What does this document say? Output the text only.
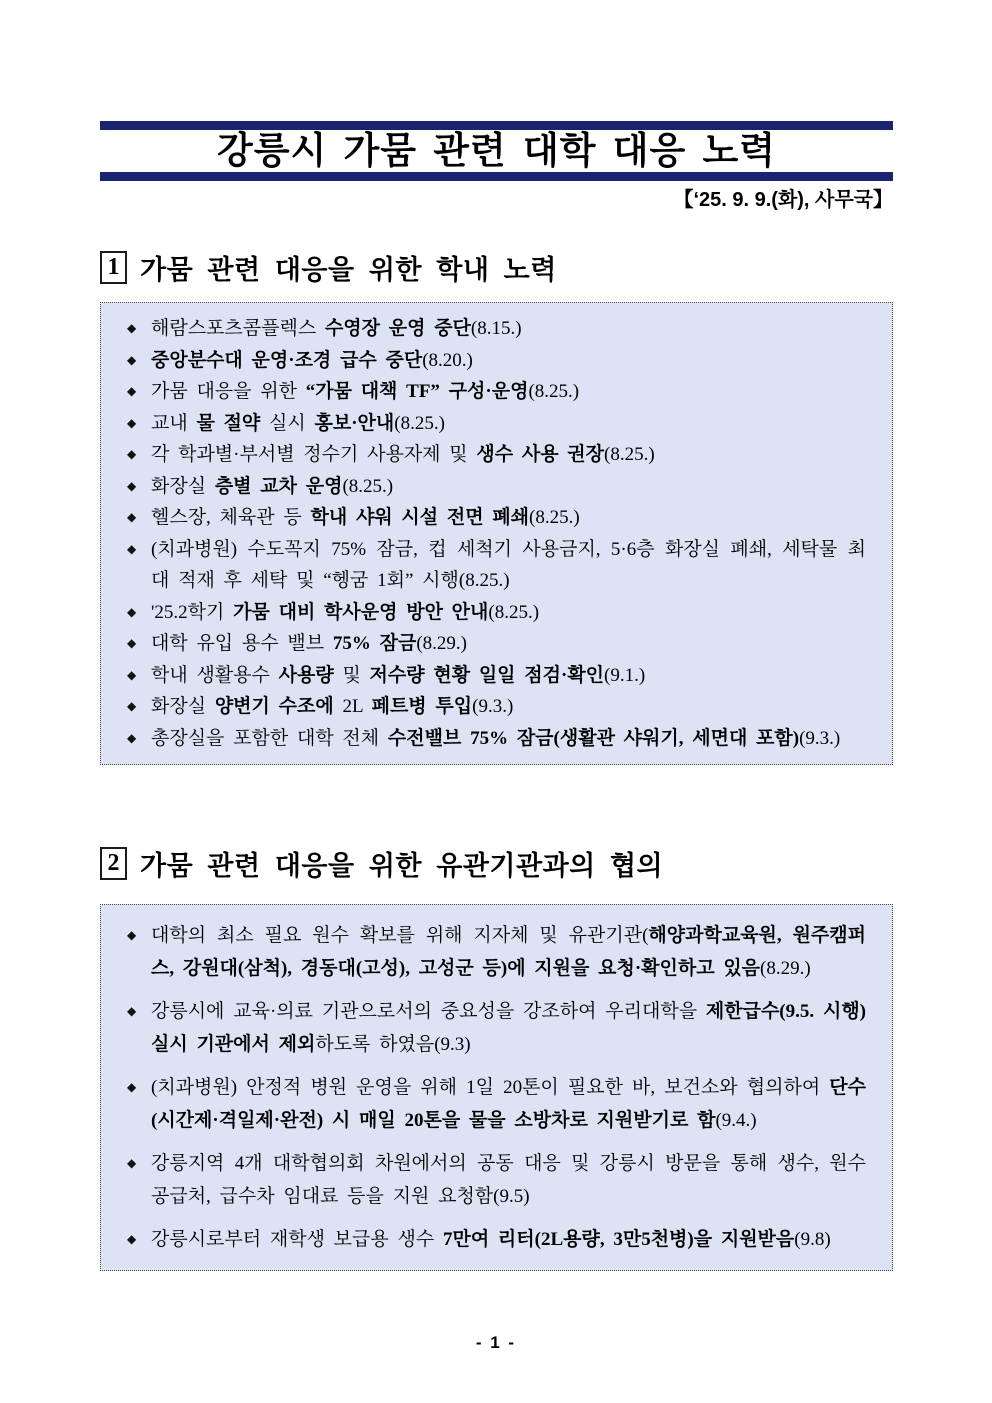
강릉시 가뭄 관련 대학 대응 노력
【‘25. 9. 9.(화), 사무국】
1 가뭄 관련 대응을 위한 학내 노력
◆ 해람스포츠콤플렉스 수영장 운영 중단(8.15.)
◆ 중앙분수대 운영·조경 급수 중단(8.20.)
◆ 가뭄 대응을 위한 “가뭄 대책 TF” 구성·운영(8.25.)
◆ 교내 물 절약 실시 홍보·안내(8.25.)
◆ 각 학과별·부서별 정수기 사용자제 및 생수 사용 권장(8.25.)
◆ 화장실 층별 교차 운영(8.25.)
◆ 헬스장, 체육관 등 학내 샤워 시설 전면 폐쇄(8.25.)
◆ (치과병원) 수도꼭지 75% 잠금, 컵 세척기 사용금지, 5·6층 화장실 폐쇄, 세탁물 최대 적재 후 세탁 및 “헹굼 1회” 시행(8.25.)
◆ '25.2학기 가뭄 대비 학사운영 방안 안내(8.25.)
◆ 대학 유입 용수 밸브 75% 잠금(8.29.)
◆ 학내 생활용수 사용량 및 저수량 현황 일일 점검·확인(9.1.)
◆ 화장실 양변기 수조에 2L 페트병 투입(9.3.)
◆ 총장실을 포함한 대학 전체 수전밸브 75% 잠금(생활관 샤워기, 세면대 포함)(9.3.)
2 가뭄 관련 대응을 위한 유관기관과의 협의
◆ 대학의 최소 필요 원수 확보를 위해 지자체 및 유관기관(해양과학교육원, 원주캠퍼스, 강원대(삼척), 경동대(고성), 고성군 등)에 지원을 요청·확인하고 있음(8.29.)
◆ 강릉시에 교육·의료 기관으로서의 중요성을 강조하여 우리대학을 제한급수(9.5. 시행) 실시 기관에서 제외하도록 하였음(9.3)
◆ (치과병원) 안정적 병원 운영을 위해 1일 20톤이 필요한 바, 보건소와 협의하여 단수(시간제·격일제·완전) 시 매일 20톤을 물을 소방차로 지원받기로 함(9.4.)
◆ 강릉지역 4개 대학협의회 차원에서의 공동 대응 및 강릉시 방문을 통해 생수, 원수 공급처, 급수차 임대료 등을 지원 요청함(9.5)
◆ 강릉시로부터 재학생 보급용 생수 7만여 리터(2L용량, 3만5천병)을 지원받음(9.8)
- 1 -
